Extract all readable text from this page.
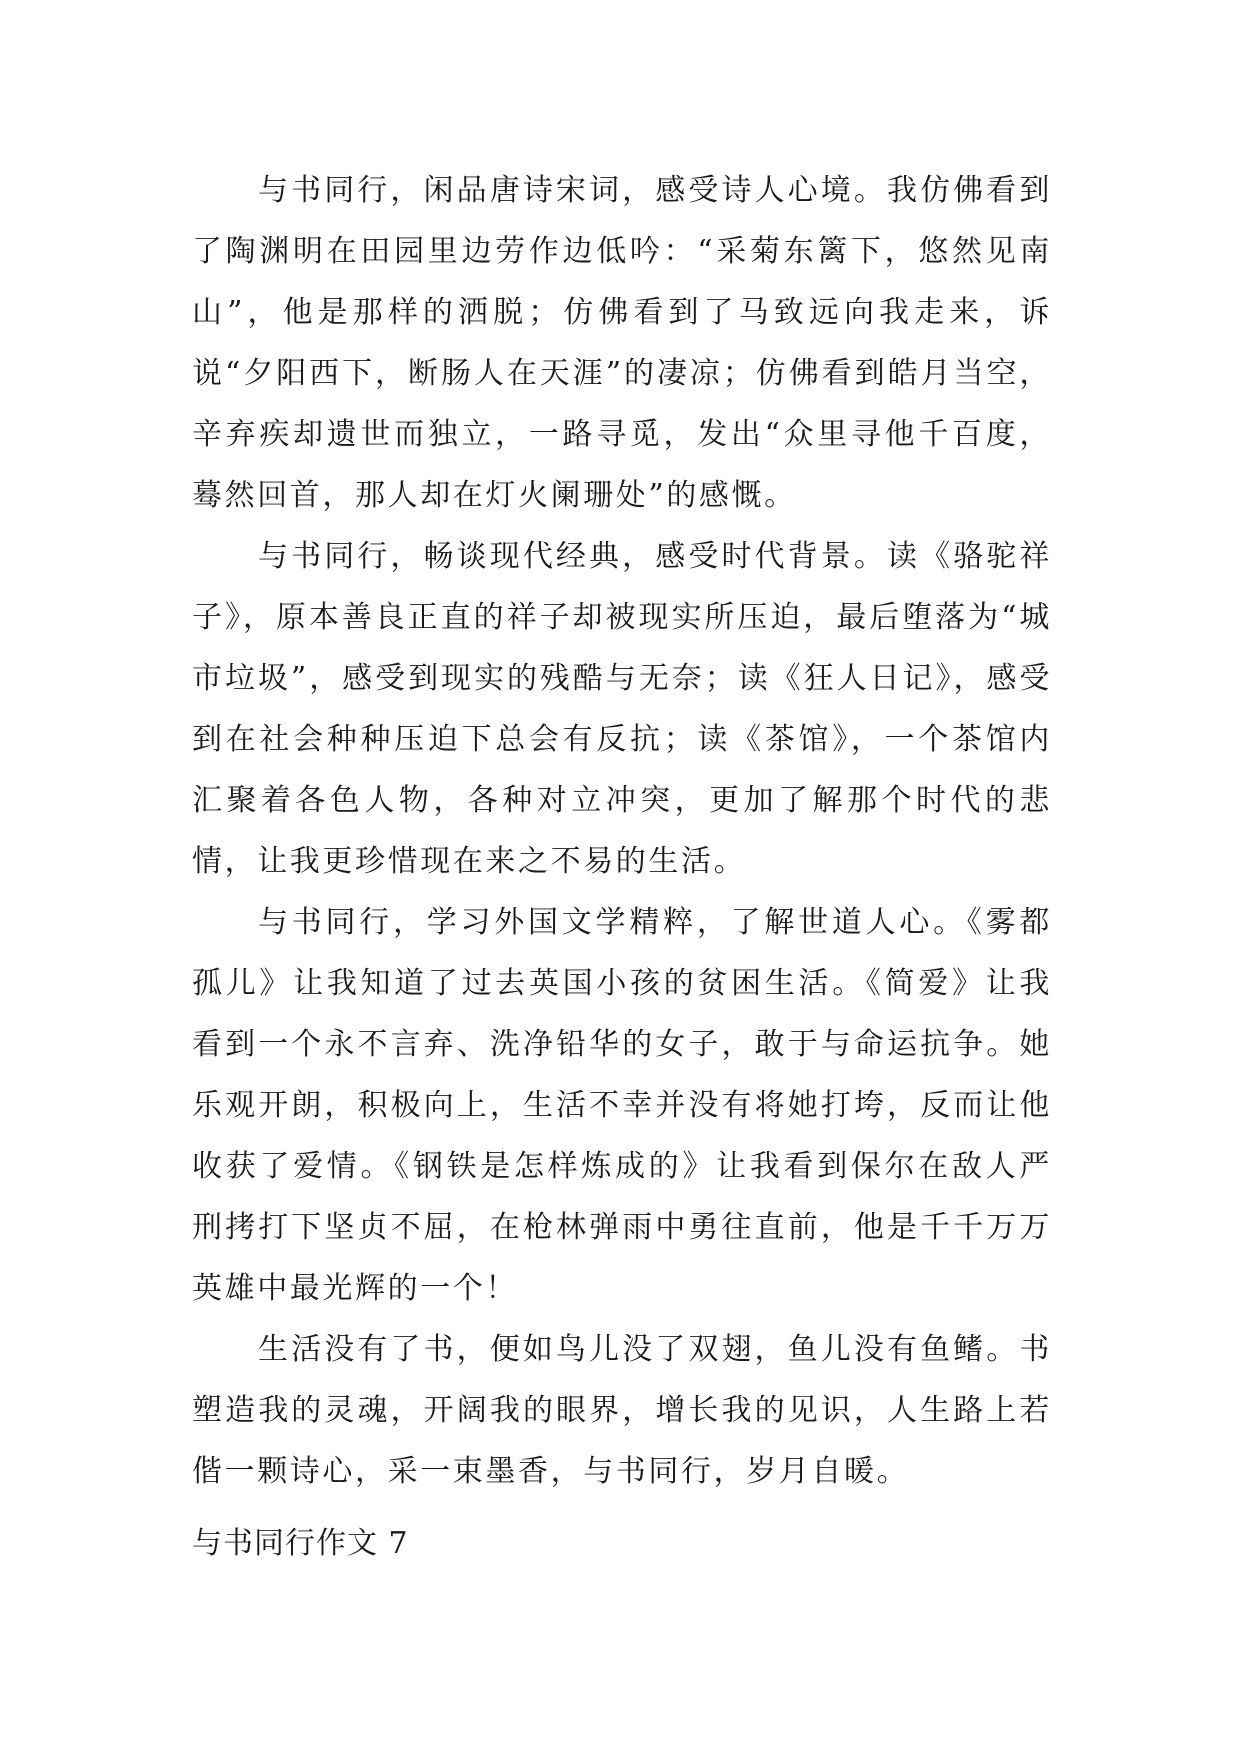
与书同行，闲品唐诗宋词，感受诗人心境。我仿佛看到了陶渊明在田园里边劳作边低吟：“采菊东篱下，悠然见南山”，他是那样的洒脱；仿佛看到了马致远向我走来，诉说“夕阳西下，断肠人在天涯”的凄凉；仿佛看到皓月当空，辛弃疾却遗世而独立，一路寻觅，发出“众里寻他千百度，蓦然回首，那人却在灯火阑珊处”的感慨。

与书同行，畅谈现代经典，感受时代背景。读《骆驼祥子》，原本善良正直的祥子却被现实所压迫，最后堕落为“城市垃圾”，感受到现实的残酷与无奈；读《狂人日记》，感受到在社会种种压迫下总会有反抗；读《茶馆》，一个茶馆内汇聚着各色人物，各种对立冲突，更加了解那个时代的悲情，让我更珍惜现在来之不易的生活。

与书同行，学习外国文学精粹，了解世道人心。《雾都孤儿》让我知道了过去英国小孩的贫困生活。《简爱》让我看到一个永不言弃、洗净铅华的女子，敢于与命运抗争。她乐观开朗，积极向上，生活不幸并没有将她打垮，反而让他收获了爱情。《钢铁是怎样炼成的》让我看到保尔在敌人严刑拷打下坚贞不屈，在枪林弹雨中勇往直前，他是千千万万英雄中最光辉的一个！

生活没有了书，便如鸟儿没了双翅，鱼儿没有鱼鳍。书塑造我的灵魂，开阔我的眼界，增长我的见识，人生路上若偕一颗诗心，采一束墨香，与书同行，岁月自暖。

与书同行作文 7
